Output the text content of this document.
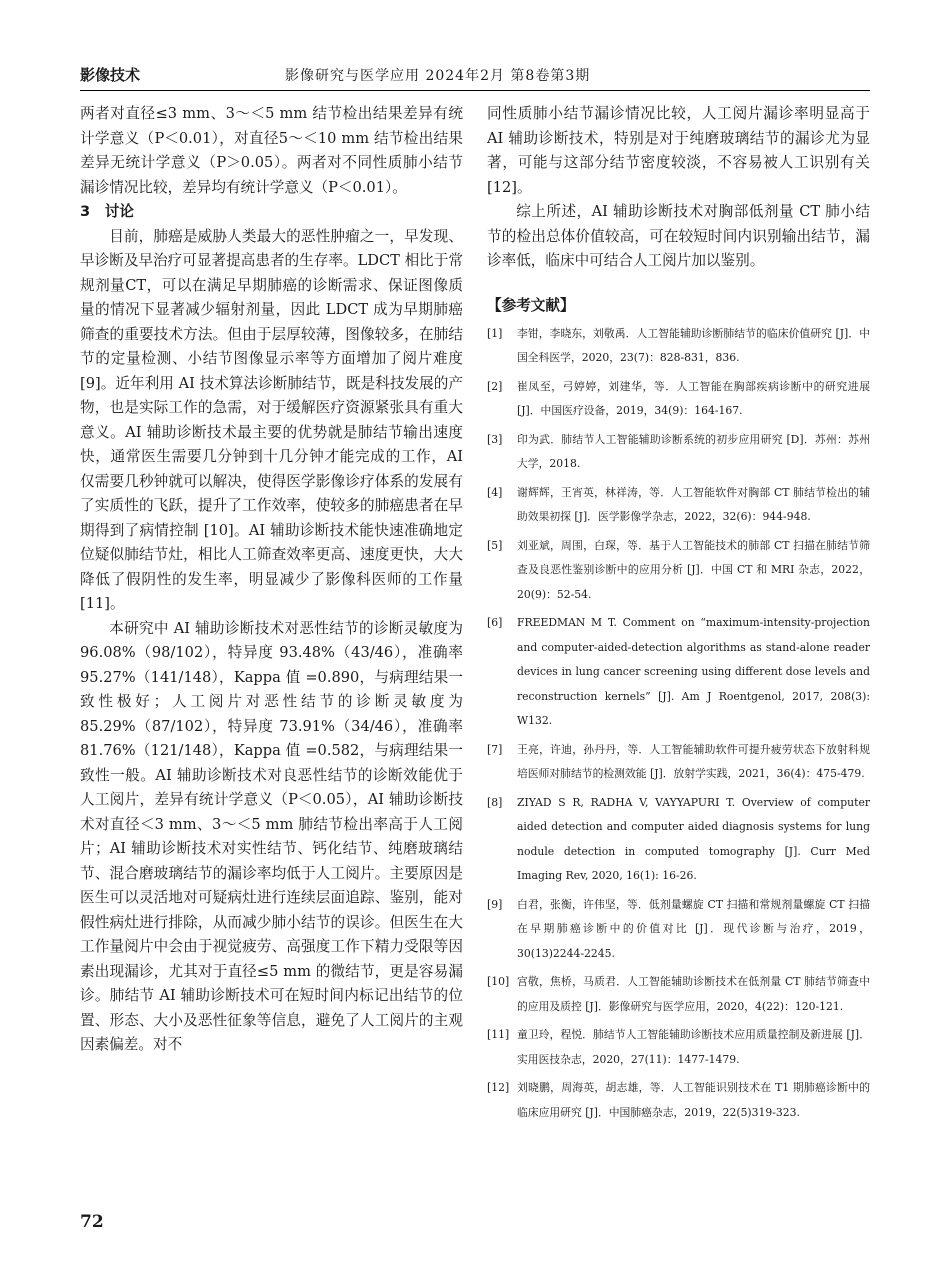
影像技术	影像研究与医学应用 2024年2月 第8卷第3期

两者对直径≤3 mm、3～＜5 mm 结节检出结果差异有统计学意义（P＜0.01），对直径5～＜10 mm 结节检出结果差异无统计学意义（P＞0.05）。两者对不同性质肺小结节漏诊情况比较，差异均有统计学意义（P＜0.01）。

3　讨论

目前，肺癌是威胁人类最大的恶性肿瘤之一，早发现、早诊断及早治疗可显著提高患者的生存率。LDCT 相比于常规剂量CT，可以在满足早期肺癌的诊断需求、保证图像质量的情况下显著减少辐射剂量，因此 LDCT 成为早期肺癌筛查的重要技术方法。但由于层厚较薄，图像较多，在肺结节的定量检测、小结节图像显示率等方面增加了阅片难度 [9]。近年利用 AI 技术算法诊断肺结节，既是科技发展的产物，也是实际工作的急需，对于缓解医疗资源紧张具有重大意义。AI 辅助诊断技术最主要的优势就是肺结节输出速度快，通常医生需要几分钟到十几分钟才能完成的工作，AI 仅需要几秒钟就可以解决，使得医学影像诊疗体系的发展有了实质性的飞跃，提升了工作效率，使较多的肺癌患者在早期得到了病情控制 [10]。AI 辅助诊断技术能快速准确地定位疑似肺结节灶，相比人工筛查效率更高、速度更快，大大降低了假阴性的发生率，明显减少了影像科医师的工作量 [11]。

本研究中 AI 辅助诊断技术对恶性结节的诊断灵敏度为 96.08%（98/102），特异度 93.48%（43/46），准确率 95.27%（141/148），Kappa 值 =0.890，与病理结果一致性极好；人工阅片对恶性结节的诊断灵敏度为 85.29%（87/102），特异度 73.91%（34/46），准确率 81.76%（121/148），Kappa 值 =0.582，与病理结果一致性一般。AI 辅助诊断技术对良恶性结节的诊断效能优于人工阅片，差异有统计学意义（P＜0.05），AI 辅助诊断技术对直径＜3 mm、3～＜5 mm 肺结节检出率高于人工阅片；AI 辅助诊断技术对实性结节、钙化结节、纯磨玻璃结节、混合磨玻璃结节的漏诊率均低于人工阅片。主要原因是医生可以灵活地对可疑病灶进行连续层面追踪、鉴别，能对假性病灶进行排除，从而减少肺小结节的误诊。但医生在大工作量阅片中会由于视觉疲劳、高强度工作下精力受限等因素出现漏诊，尤其对于直径≤5 mm 的微结节，更是容易漏诊。肺结节 AI 辅助诊断技术可在短时间内标记出结节的位置、形态、大小及恶性征象等信息，避免了人工阅片的主观因素偏差。对不

同性质肺小结节漏诊情况比较，人工阅片漏诊率明显高于 AI 辅助诊断技术，特别是对于纯磨玻璃结节的漏诊尤为显著，可能与这部分结节密度较淡，不容易被人工识别有关 [12]。

综上所述，AI 辅助诊断技术对胸部低剂量 CT 肺小结节的检出总体价值较高，可在较短时间内识别输出结节，漏诊率低，临床中可结合人工阅片加以鉴别。

【参考文献】
[1] 李钳，李晓东，刘敬禹．人工智能辅助诊断肺结节的临床价值研究 [J]．中国全科医学，2020，23(7)：828-831，836.
[2] 崔凤至，弓婷婷，刘建华，等．人工智能在胸部疾病诊断中的研究进展 [J]．中国医疗设备，2019，34(9)：164-167.
[3] 印为武．肺结节人工智能辅助诊断系统的初步应用研究 [D]．苏州：苏州大学，2018.
[4] 谢辉辉，王宵英，林祥涛，等．人工智能软件对胸部 CT 肺结节检出的辅助效果初探 [J]．医学影像学杂志，2022，32(6)：944-948.
[5] 刘亚斌，周围，白琛，等．基于人工智能技术的肺部 CT 扫描在肺结节筛查及良恶性鉴别诊断中的应用分析 [J]．中国 CT 和 MRI 杂志，2022，20(9)：52-54.
[6] FREEDMAN M T. Comment on “maximum-intensity-projection and computer-aided-detection algorithms as stand-alone reader devices in lung cancer screening using different dose levels and reconstruction kernels” [J]. Am J Roentgenol, 2017, 208(3): W132.
[7] 王亮，许迪，孙丹丹，等．人工智能辅助软件可提升疲劳状态下放射科规培医师对肺结节的检测效能 [J]．放射学实践，2021，36(4)：475-479.
[8] ZIYAD S R, RADHA V, VAYYAPURI T. Overview of computer aided detection and computer aided diagnosis systems for lung nodule detection in computed tomography [J]. Curr Med Imaging Rev, 2020, 16(1): 16-26.
[9] 白君，张衡，许伟坚，等．低剂量螺旋 CT 扫描和常规剂量螺旋 CT 扫描在早期肺癌诊断中的价值对比 [J]．现代诊断与治疗，2019，30(13)2244-2245.
[10] 宫敬，焦桥，马质君．人工智能辅助诊断技术在低剂量 CT 肺结节筛查中的应用及质控 [J]．影像研究与医学应用，2020，4(22)：120-121.
[11] 童卫玲，程悦．肺结节人工智能辅助诊断技术应用质量控制及新进展 [J]．实用医技杂志，2020，27(11)：1477-1479.
[12] 刘晓鹏，周海英，胡志雄，等．人工智能识别技术在 T1 期肺癌诊断中的临床应用研究 [J]．中国肺癌杂志，2019，22(5)319-323.
72
